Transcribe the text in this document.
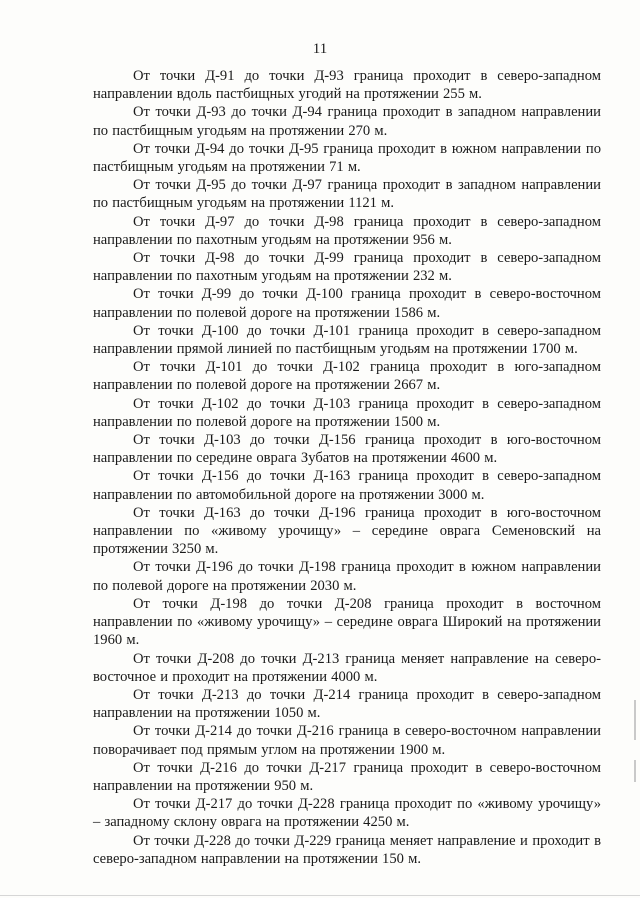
11

От точки Д-91 до точки Д-93 граница проходит в северо-западном направлении вдоль пастбищных угодий на протяжении 255 м.

От точки Д-93 до точки Д-94 граница проходит в западном направлении по пастбищным угодьям на протяжении 270 м.

От точки Д-94 до точки Д-95 граница проходит в южном направлении по пастбищным угодьям на протяжении 71 м.

От точки Д-95 до точки Д-97 граница проходит в западном направлении по пастбищным угодьям на протяжении 1121 м.

От точки Д-97 до точки Д-98 граница проходит в северо-западном направлении по пахотным угодьям на протяжении 956 м.

От точки Д-98 до точки Д-99 граница проходит в северо-западном направлении по пахотным угодьям на протяжении 232 м.

От точки Д-99 до точки Д-100 граница проходит в северо-восточном направлении по полевой дороге на протяжении 1586 м.

От точки Д-100 до точки Д-101 граница проходит в северо-западном направлении прямой линией по пастбищным угодьям на протяжении 1700 м.

От точки Д-101 до точки Д-102 граница проходит в юго-западном направлении по полевой дороге на протяжении 2667 м.

От точки Д-102 до точки Д-103 граница проходит в северо-западном направлении по полевой дороге на протяжении 1500 м.

От точки Д-103 до точки Д-156 граница проходит в юго-восточном направлении по середине оврага Зубатов на протяжении 4600 м.

От точки Д-156 до точки Д-163 граница проходит в северо-западном направлении по автомобильной дороге на протяжении 3000 м.

От точки Д-163 до точки Д-196 граница проходит в юго-восточном направлении по «живому урочищу» – середине оврага Семеновский на протяжении 3250 м.

От точки Д-196 до точки Д-198 граница проходит в южном направлении по полевой дороге на протяжении 2030 м.

От точки Д-198 до точки Д-208 граница проходит в восточном направлении по «живому урочищу» – середине оврага Широкий на протяжении 1960 м.

От точки Д-208 до точки Д-213 граница меняет направление на северо-восточное и проходит на протяжении 4000 м.

От точки Д-213 до точки Д-214 граница проходит в северо-западном направлении на протяжении 1050 м.

От точки Д-214 до точки Д-216 граница в северо-восточном направлении поворачивает под прямым углом на протяжении 1900 м.

От точки Д-216 до точки Д-217 граница проходит в северо-восточном направлении на протяжении 950 м.

От точки Д-217 до точки Д-228 граница проходит по «живому урочищу» – западному склону оврага на протяжении 4250 м.

От точки Д-228 до точки Д-229 граница меняет направление и проходит в северо-западном направлении на протяжении 150 м.
